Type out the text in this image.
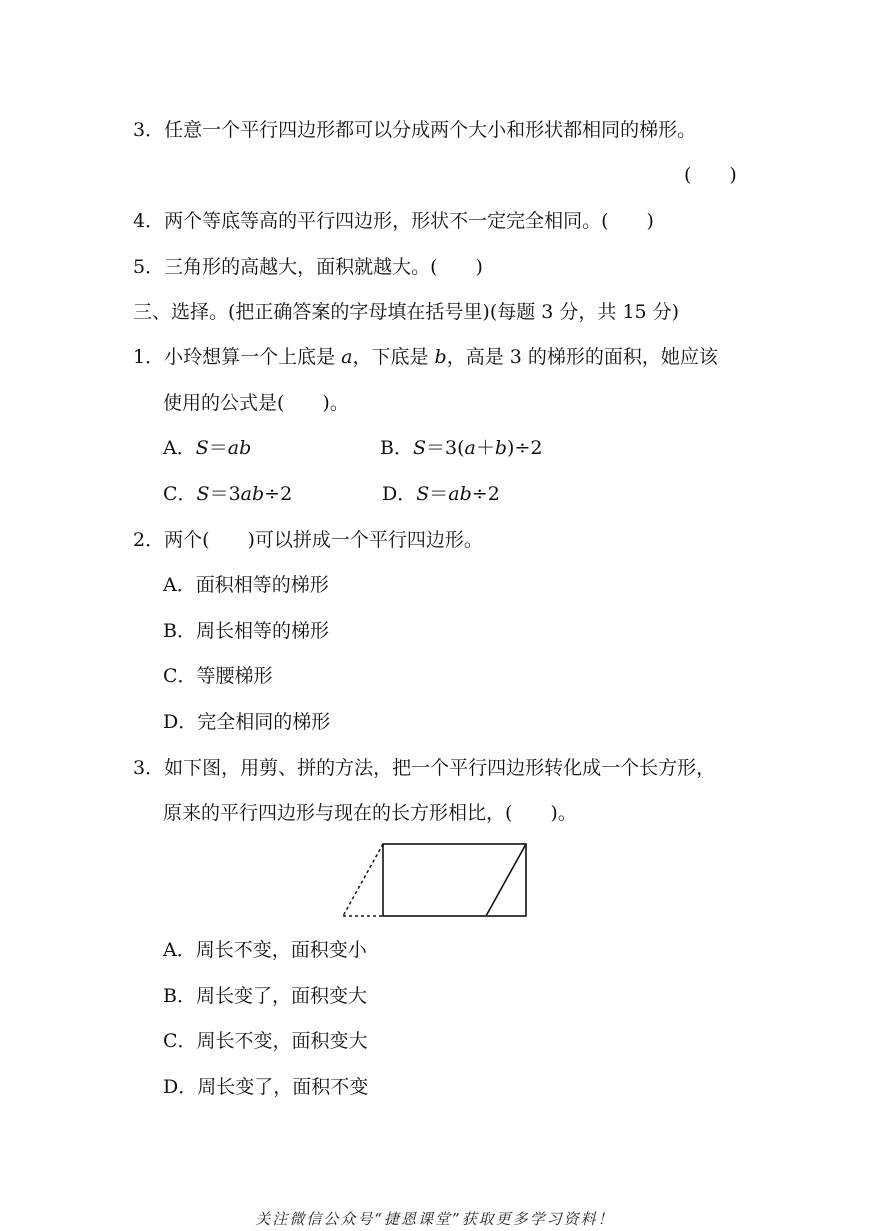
3．任意一个平行四边形都可以分成两个大小和形状都相同的梯形。
(　　)
4．两个等底等高的平行四边形，形状不一定完全相同。(　　)
5．三角形的高越大，面积就越大。(　　)
三、选择。(把正确答案的字母填在括号里)(每题 3 分，共 15 分)
1．小玲想算一个上底是 a，下底是 b，高是 3 的梯形的面积，她应该
使用的公式是(　　)。
A．S＝ab	B．S＝3(a＋b)÷2
C．S＝3ab÷2	D．S＝ab÷2
2．两个(　　)可以拼成一个平行四边形。
A．面积相等的梯形
B．周长相等的梯形
C．等腰梯形
D．完全相同的梯形
3．如下图，用剪、拼的方法，把一个平行四边形转化成一个长方形，
原来的平行四边形与现在的长方形相比，(　　)。
A．周长不变，面积变小
B．周长变了，面积变大
C．周长不变，面积变大
D．周长变了，面积不变
关注微信公众号“捷恩课堂”获取更多学习资料！
